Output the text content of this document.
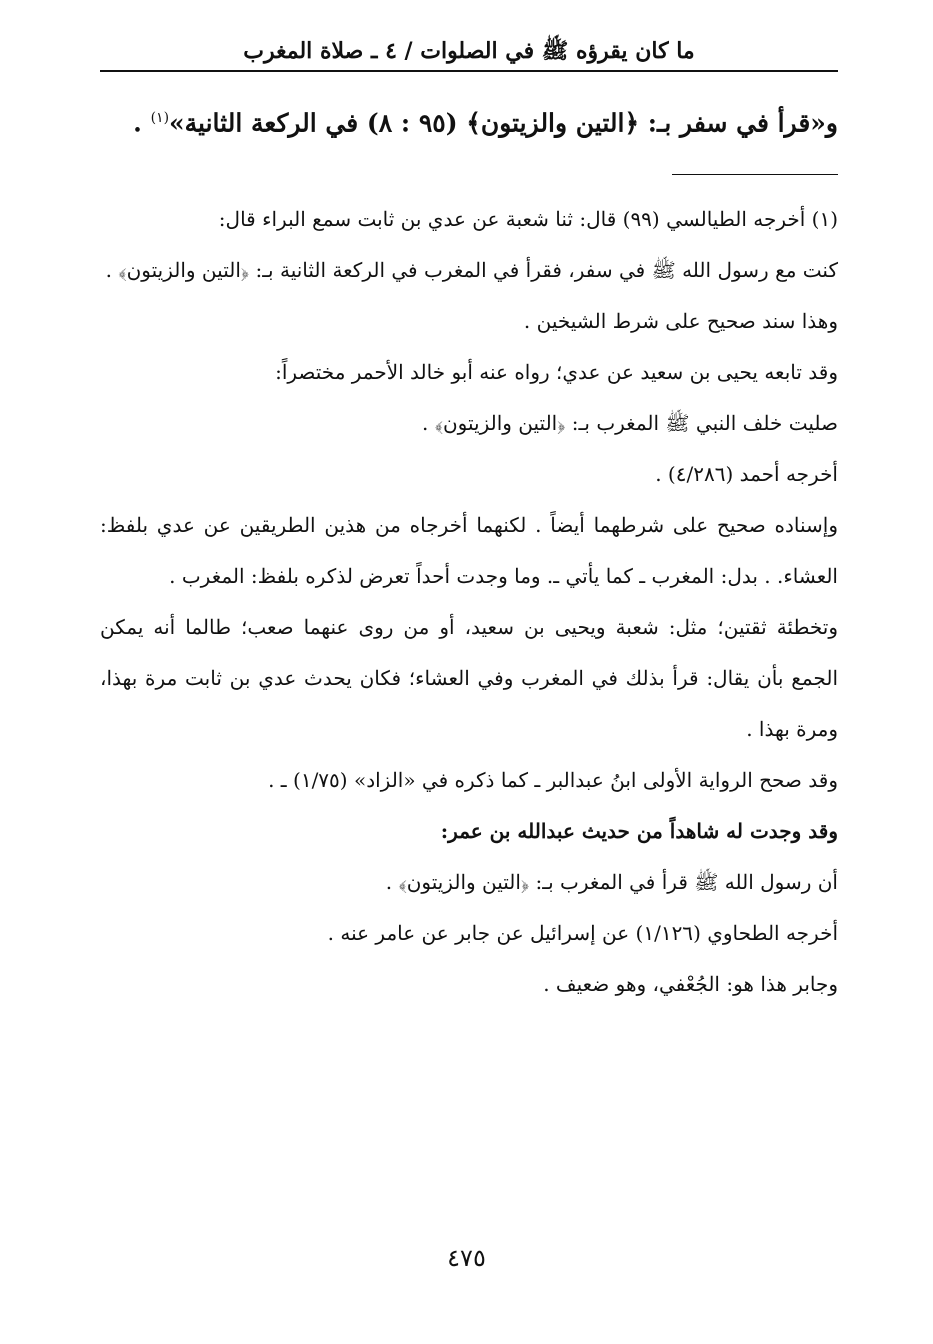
ما كان يقرؤه ﷺ في الصلوات / ٤ ـ صلاة المغرب
و«قرأ في سفر بـ: ﴿التين والزيتون﴾ (٩٥ : ٨) في الركعة الثانية»$^{(١)}$ .

(١) أخرجه الطيالسي (٩٩) قال: ثنا شعبة عن عدي بن ثابت سمع البراء قال:

كنت مع رسول الله ﷺ في سفر، فقرأ في المغرب في الركعة الثانية بـ: ﴿التين والزيتون﴾ .

وهذا سند صحيح على شرط الشيخين .

وقد تابعه يحيى بن سعيد عن عدي؛ رواه عنه أبو خالد الأحمر مختصراً:

صليت خلف النبي ﷺ المغرب بـ: ﴿التين والزيتون﴾ .

أخرجه أحمد (٤/٢٨٦) .

وإسناده صحيح على شرطهما أيضاً . لكنهما أخرجاه من هذين الطريقين عن عدي بلفظ: العشاء. . بدل: المغرب ـ كما يأتي ـ. وما وجدت أحداً تعرض لذكره بلفظ: المغرب .

وتخطئة ثقتين؛ مثل: شعبة ويحيى بن سعيد، أو من روى عنهما صعب؛ طالما أنه يمكن الجمع بأن يقال: قرأ بذلك في المغرب وفي العشاء؛ فكان يحدث عدي بن ثابت مرة بهذا، ومرة بهذا .

وقد صحح الرواية الأولى ابنُ عبدالبر ـ كما ذكره في «الزاد» (١/٧٥) ـ .

وقد وجدت له شاهداً من حديث عبدالله بن عمر:

أن رسول الله ﷺ قرأ في المغرب بـ: ﴿التين والزيتون﴾ .

أخرجه الطحاوي (١/١٢٦) عن إسرائيل عن جابر عن عامر عنه .

وجابر هذا هو: الجُعْفي، وهو ضعيف .

٤٧٥
